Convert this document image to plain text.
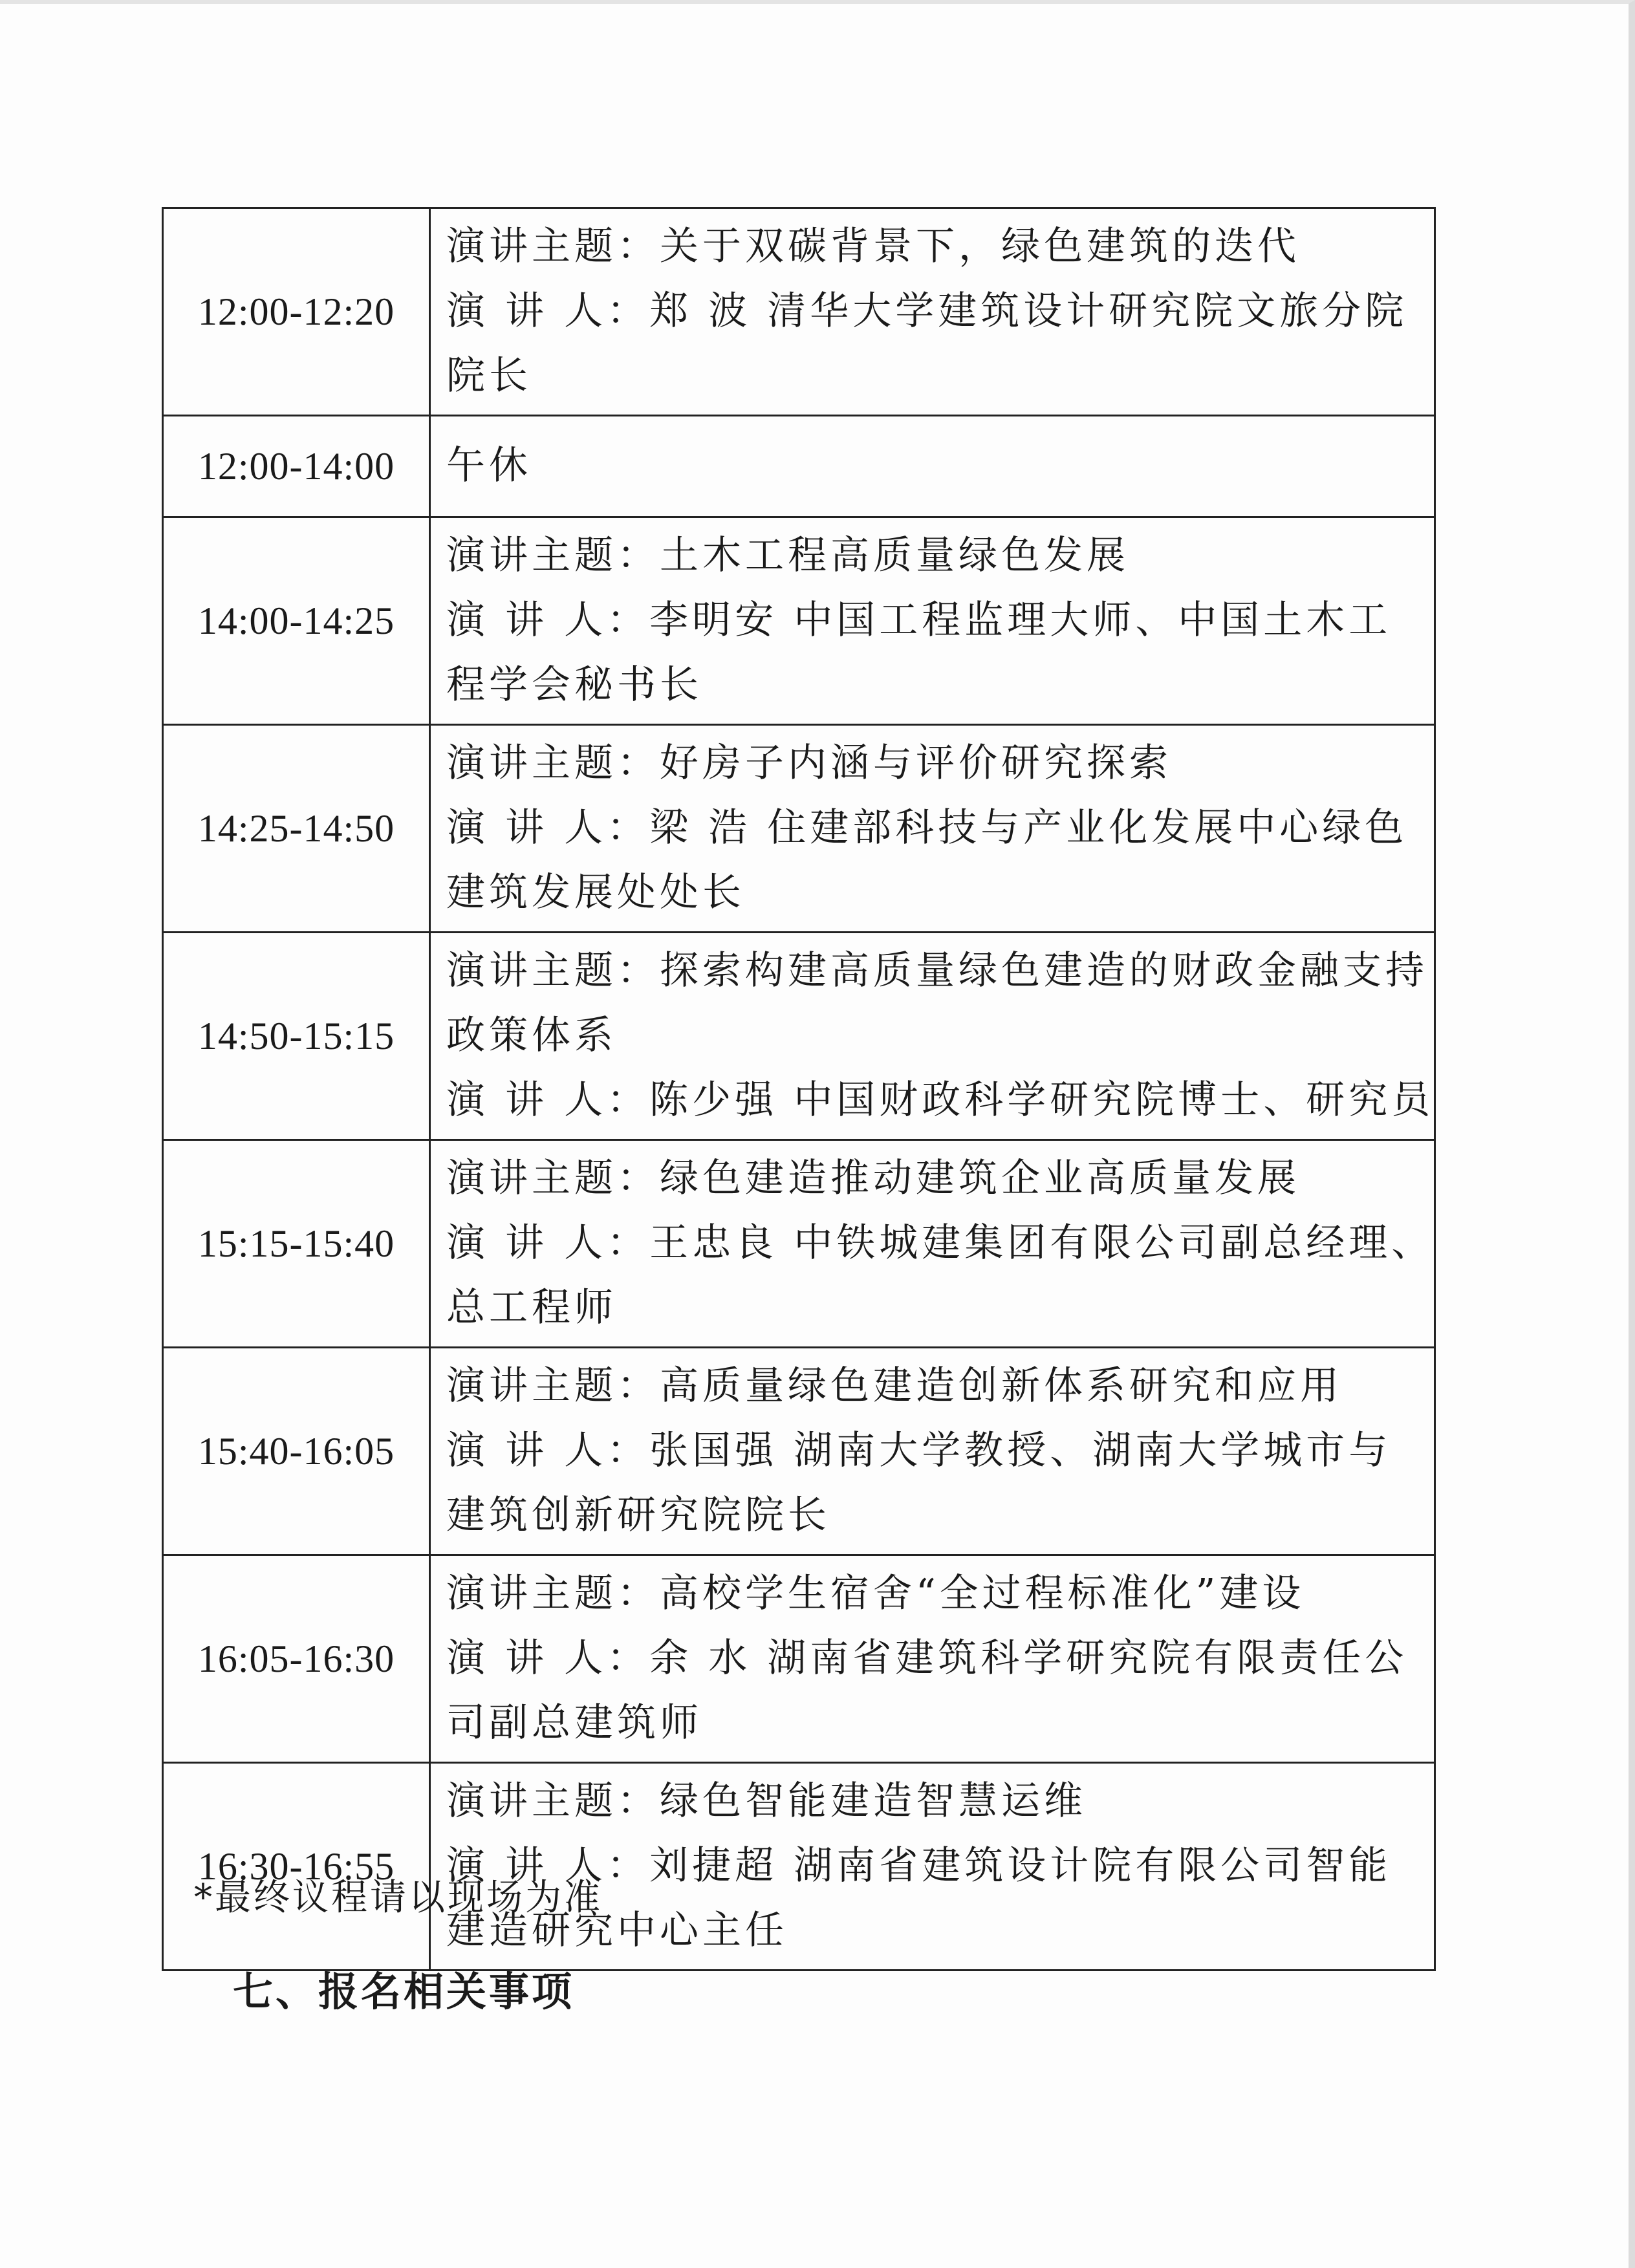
12:00-12:20	演讲主题：关于双碳背景下，绿色建筑的迭代
演 讲 人：郑 波 清华大学建筑设计研究院文旅分院
院长

12:00-14:00	午休

14:00-14:25	演讲主题：土木工程高质量绿色发展
演 讲 人：李明安 中国工程监理大师、中国土木工
程学会秘书长

14:25-14:50	演讲主题：好房子内涵与评价研究探索
演 讲 人：梁 浩 住建部科技与产业化发展中心绿色
建筑发展处处长

14:50-15:15	演讲主题：探索构建高质量绿色建造的财政金融支持
政策体系
演 讲 人：陈少强 中国财政科学研究院博士、研究员

15:15-15:40	演讲主题：绿色建造推动建筑企业高质量发展
演 讲 人：王忠良 中铁城建集团有限公司副总经理、
总工程师

15:40-16:05	演讲主题：高质量绿色建造创新体系研究和应用
演 讲 人：张国强 湖南大学教授、湖南大学城市与
建筑创新研究院院长

16:05-16:30	演讲主题：高校学生宿舍“全过程标准化”建设
演 讲 人：余 水 湖南省建筑科学研究院有限责任公
司副总建筑师

16:30-16:55	演讲主题：绿色智能建造智慧运维
演 讲 人：刘捷超 湖南省建筑设计院有限公司智能
建造研究中心主任
*最终议程请以现场为准
七、报名相关事项
